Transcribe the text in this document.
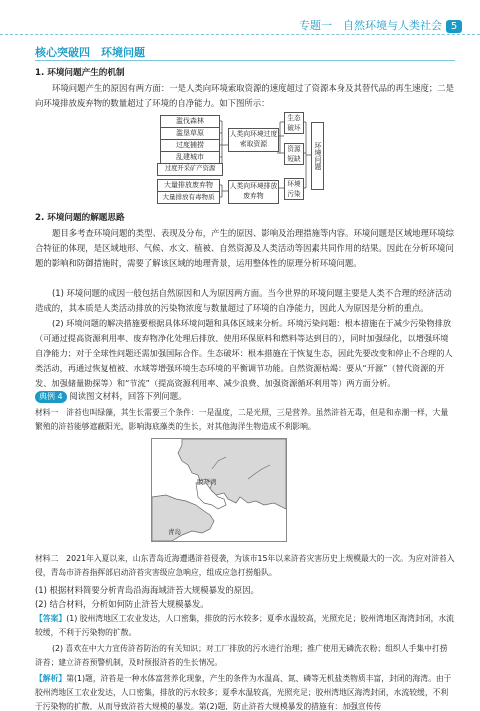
专题一　自然环境与人类社会 5
核心突破四　环境问题
1. 环境问题产生的机制
环境问题产生的原因有两方面：一是人类向环境索取资源的速度超过了资源本身及其替代品的再生速度；二是向环境排放废弃物的数量超过了环境的自净能力。如下图所示：
滥伐森林
滥垦草原
过度捕捞
乱建城市
过度开采矿产资源
大量排放废弃物
大量排放有毒物质
人类向环境过度索取资源
人类向环境排放废弃物
生态破坏
资源短缺
环境污染
环境问题
2. 环境问题的解题思路
题目多考查环境问题的类型、表现及分布，产生的原因、影响及治理措施等内容。环境问题是区域地理环境综合特征的体现，是区域地形、气候、水文、植被、自然资源及人类活动等因素共同作用的结果。因此在分析环境问题的影响和防御措施时，需要了解该区域的地理背景，运用整体性的原理分析环境问题。
(1) 环境问题的成因一般包括自然原因和人为原因两方面。当今世界的环境问题主要是人类不合理的经济活动造成的，其本质是人类活动排放的污染物浓度与数量超过了环境的自净能力，因此人为原因是分析的重点。
(2) 环境问题的解决措施要根据具体环境问题和具体区域来分析。环境污染问题：根本措施在于减少污染物排放（可通过提高资源利用率、废弃物净化处理后排放、使用环保原料和燃料等达到目的），同时加强绿化，以增强环境自净能力；对于全球性问题还需加强国际合作。生态破坏：根本措施在于恢复生态，因此先要改变和停止不合理的人类活动，再通过恢复植被、水域等增强环境生态环境的平衡调节功能。自然资源枯竭：要从“开源”（替代资源的开发、加强储量勘探等）和“节流”（提高资源利用率、减少浪费、加强资源循环利用等）两方面分析。
典例 4 阅读图文材料，回答下列问题。
材料一　浒苔也叫绿藻，其生长需要三个条件：一是温度，二是光照，三是营养。虽然浒苔无毒，但是和赤潮一样，大量繁殖的浒苔能够遮蔽阳光，影响海底藻类的生长，对其他海洋生物造成不利影响。
胶州湾
青岛
材料二　2021年入夏以来，山东青岛近海遭遇浒苔侵袭，为该市15年以来浒苔灾害历史上规模最大的一次。为应对浒苔入侵，青岛市浒苔指挥部启动浒苔灾害级应急响应，组成应急打捞船队。
(1) 根据材料简要分析青岛沿海海域浒苔大规模暴发的原因。
(2) 结合材料，分析如何防止浒苔大规模暴发。
【答案】(1) 胶州湾地区工农业发达，人口密集，排放的污水较多；夏季水温较高，光照充足；胶州湾地区海湾封闭，水流较缓，不利于污染物的扩散。
(2) 喜欢在中大力宣传浒苔防治的有关知识；对工厂排放的污水进行治理；推广使用无磷洗衣粉；组织人手集中打捞浒苔；建立浒苔预警机制，及时预报浒苔的生长情况。
【解析】第(1)题，浒苔是一种水体富营养化现象，产生的条件为水温高、氮、磷等无机盐类物质丰富，封闭的海湾。由于胶州湾地区工农业发达，人口密集，排放的污水较多；夏季水温较高，光照充足；胶州湾地区海湾封闭，水流较缓，不利于污染物的扩散，从而导致浒苔大规模的暴发。第(2)题，防止浒苔大规模暴发的措施有：加强宣传传
